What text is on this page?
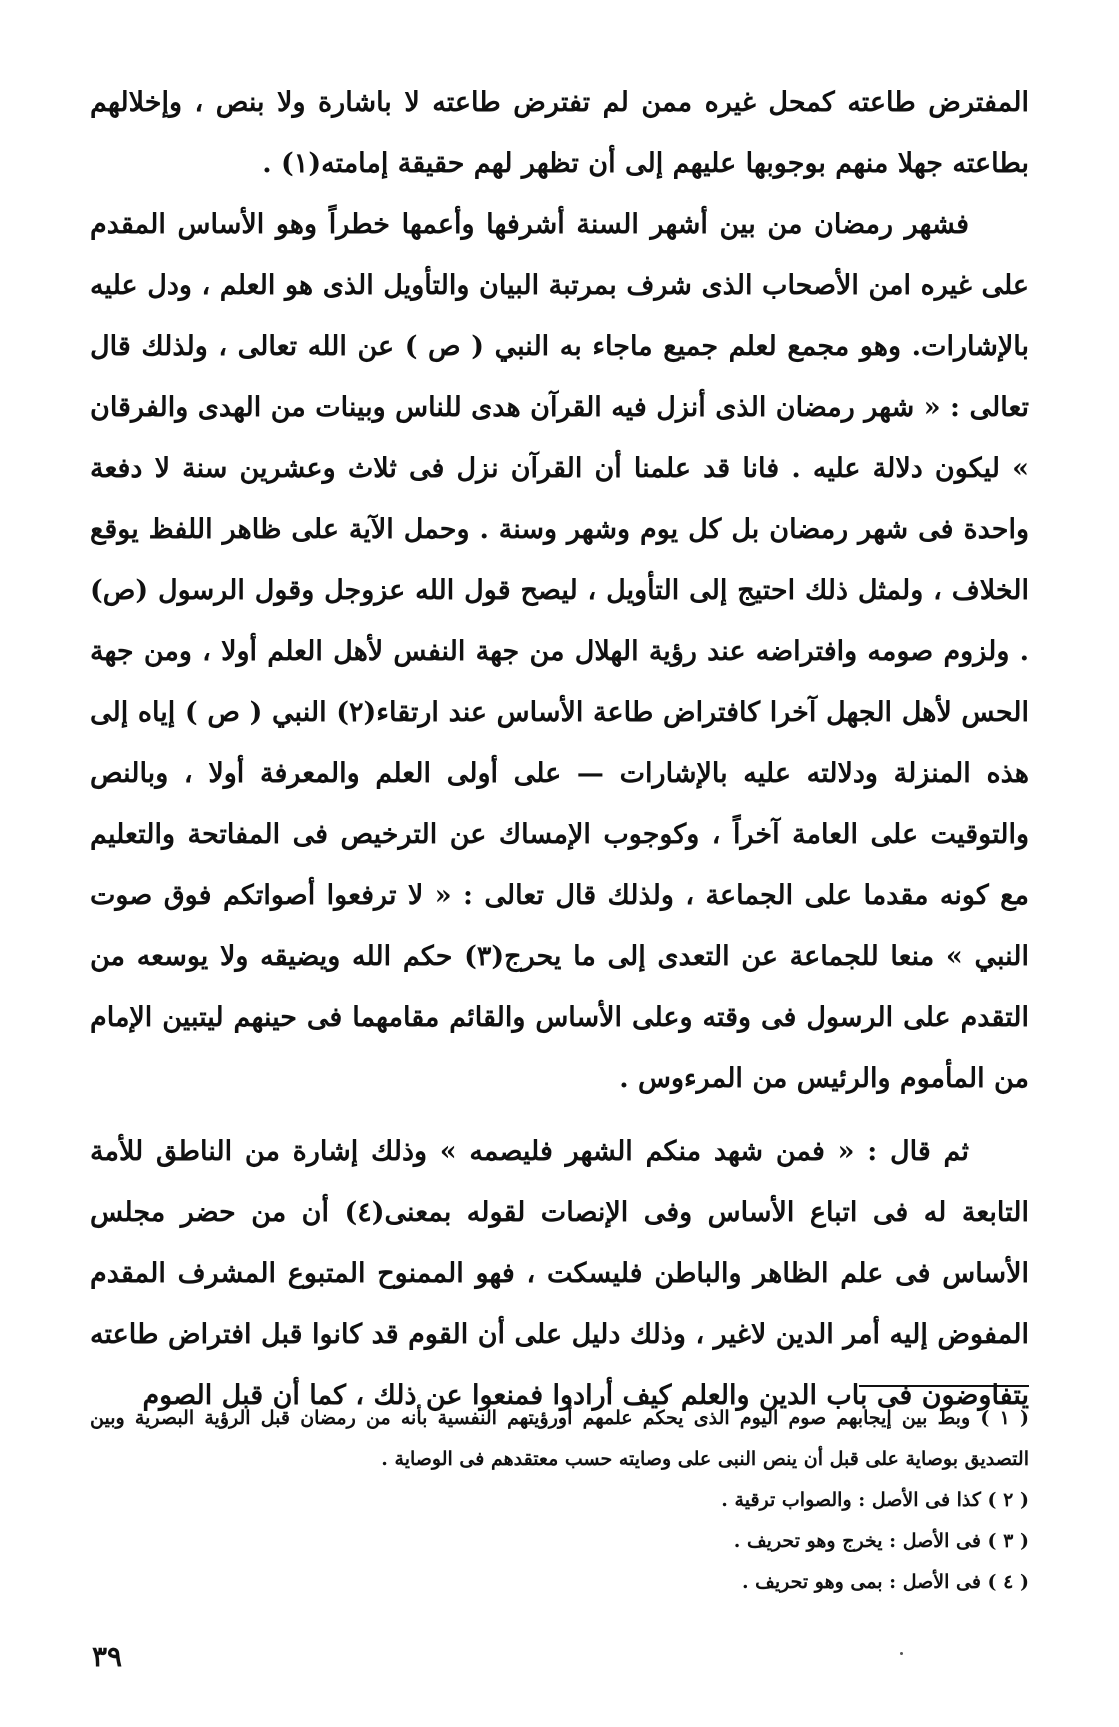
المفترض طاعته كمحل غيره ممن لم تفترض طاعته لا باشارة ولا بنص ، وإخلالهم بطاعته جهلا منهم بوجوبها عليهم إلى أن تظهر لهم حقيقة إمامته(١) .

فشهر رمضان من بين أشهر السنة أشرفها وأعمها خطراً وهو الأساس المقدم على غيره امن الأصحاب الذى شرف بمرتبة البيان والتأويل الذى هو العلم ، ودل عليه بالإشارات. وهو مجمع لعلم جميع ماجاء به النبي ( ص ) عن الله تعالى ، ولذلك قال تعالى : « شهر رمضان الذى أنزل فيه القرآن هدى للناس وبينات من الهدى والفرقان » ليكون دلالة عليه . فانا قد علمنا أن القرآن نزل فى ثلاث وعشرين سنة لا دفعة واحدة فى شهر رمضان بل كل يوم وشهر وسنة . وحمل الآية على ظاهر اللفظ يوقع الخلاف ، ولمثل ذلك احتيج إلى التأويل ، ليصح قول الله عزوجل وقول الرسول (ص) . ولزوم صومه وافتراضه عند رؤية الهلال من جهة النفس لأهل العلم أولا ، ومن جهة الحس لأهل الجهل آخرا كافتراض طاعة الأساس عند ارتقاء(٢) النبي ( ص ) إياه إلى هذه المنزلة ودلالته عليه بالإشارات — على أولى العلم والمعرفة أولا ، وبالنص والتوقيت على العامة آخراً ، وكوجوب الإمساك عن الترخيص فى المفاتحة والتعليم مع كونه مقدما على الجماعة ، ولذلك قال تعالى : « لا ترفعوا أصواتكم فوق صوت النبي » منعا للجماعة عن التعدى إلى ما يحرج(٣) حكم الله ويضيقه ولا يوسعه من التقدم على الرسول فى وقته وعلى الأساس والقائم مقامهما فى حينهم ليتبين الإمام من المأموم والرئيس من المرءوس .

ثم قال : « فمن شهد منكم الشهر فليصمه » وذلك إشارة من الناطق للأمة التابعة له فى اتباع الأساس وفى الإنصات لقوله بمعنى(٤) أن من حضر مجلس الأساس فى علم الظاهر والباطن فليسكت ، فهو الممنوح المتبوع المشرف المقدم المفوض إليه أمر الدين لاغير ، وذلك دليل على أن القوم قد كانوا قبل افتراض طاعته يتفاوضون فى باب الدين والعلم كيف أرادوا فمنعوا عن ذلك ، كما أن قبل الصوم

( ١ ) وبط بين إيجابهم صوم اليوم الذى يحكم علمهم أورؤيتهم النفسية بأنه من رمضان قبل الرؤية البصرية وبين التصديق بوصاية على قبل أن ينص النبى على وصايته حسب معتقدهم فى الوصاية .

( ٢ ) كذا فى الأصل : والصواب ترقية .

( ٣ ) فى الأصل : يخرج وهو تحريف .

( ٤ ) فى الأصل : بمى وهو تحريف .

٣٩
